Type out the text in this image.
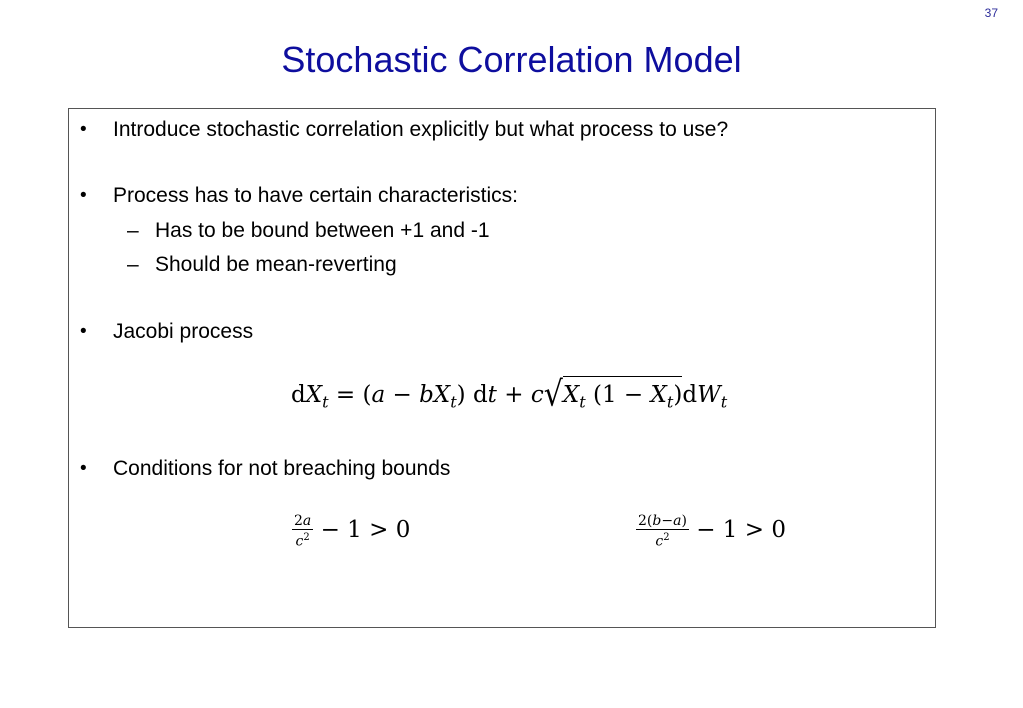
37
Stochastic Correlation Model
• Introduce stochastic correlation explicitly but what process to use?
• Process has to have certain characteristics:
– Has to be bound between +1 and -1
– Should be mean-reverting
• Jacobi process
$dX_t = (a - bX_t)$ dt + $c√X_t$ $(1 - X_t)dW_t$
• Conditions for not breaching bounds
$\frac{2a}{c^2} - 1 > 0$	$\frac{2(b-a)}{c^2} - 1 > 0$
